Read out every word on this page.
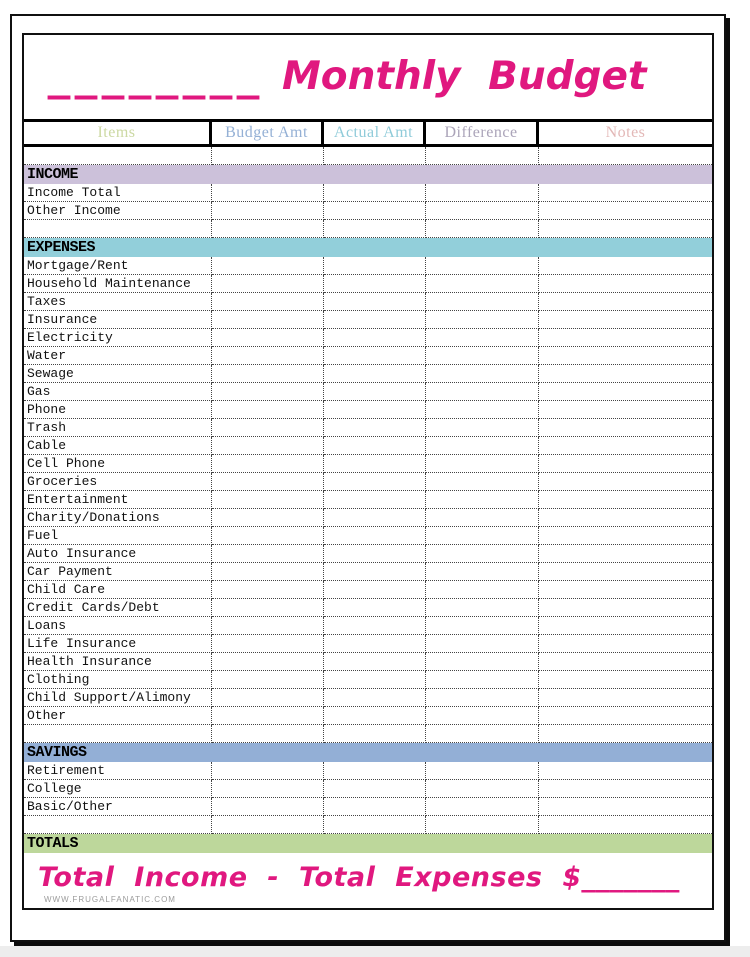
________ Monthly Budget
Items	Budget Amt	Actual Amt	Difference	Notes
INCOME
Income Total
Other Income
EXPENSES
Mortgage/Rent
Household Maintenance
Taxes
Insurance
Electricity
Water
Sewage
Gas
Phone
Trash
Cable
Cell Phone
Groceries
Entertainment
Charity/Donations
Fuel
Auto Insurance
Car Payment
Child Care
Credit Cards/Debt
Loans
Life Insurance
Health Insurance
Clothing
Child Support/Alimony
Other
SAVINGS
Retirement
College
Basic/Other
TOTALS
Total Income - Total Expenses $_______
WWW.FRUGALFANATIC.COM
